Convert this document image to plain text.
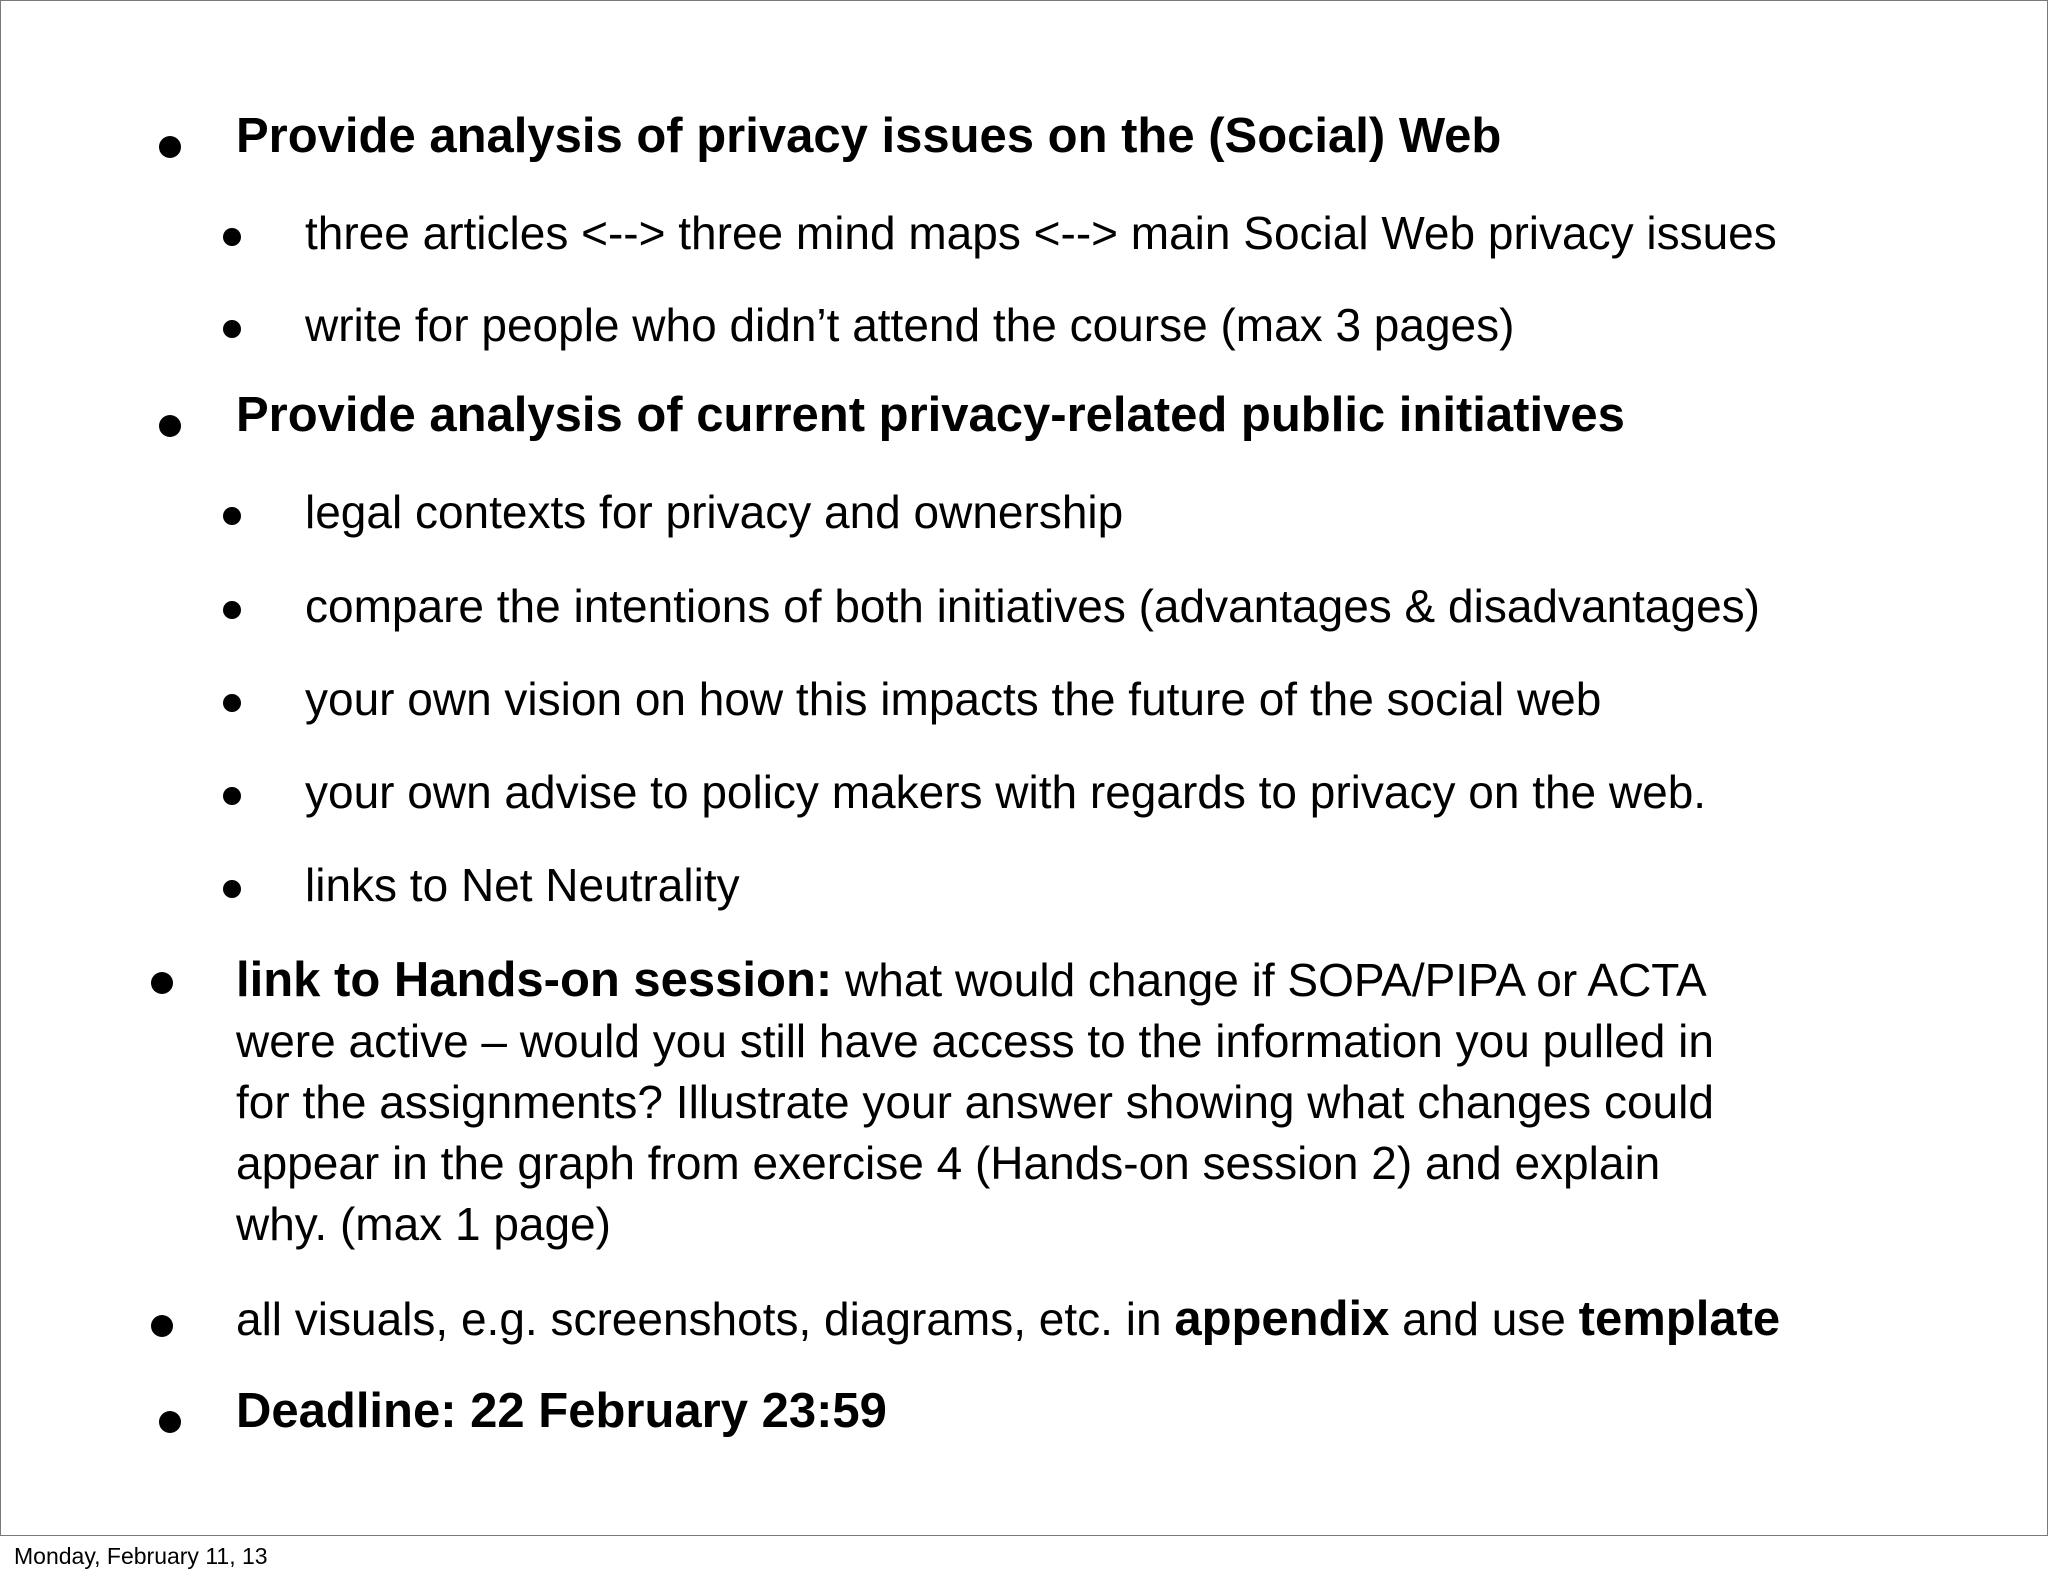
Provide analysis of privacy issues on the (Social) Web
three articles <--> three mind maps <--> main Social Web privacy issues
write for people who didn’t attend the course (max 3 pages)
Provide analysis of current privacy-related public initiatives
legal contexts for privacy and ownership
compare the intentions of both initiatives (advantages & disadvantages)
your own vision on how this impacts the future of the social web
your own advise to policy makers with regards to privacy on the web.
links to Net Neutrality
link to Hands-on session: what would change if SOPA/PIPA or ACTA
were active – would you still have access to the information you pulled in
for the assignments? Illustrate your answer showing what changes could
appear in the graph from exercise 4 (Hands-on session 2) and explain
why. (max 1 page)
all visuals, e.g. screenshots, diagrams, etc. in appendix and use template
Deadline: 22 February 23:59
Monday, February 11, 13
